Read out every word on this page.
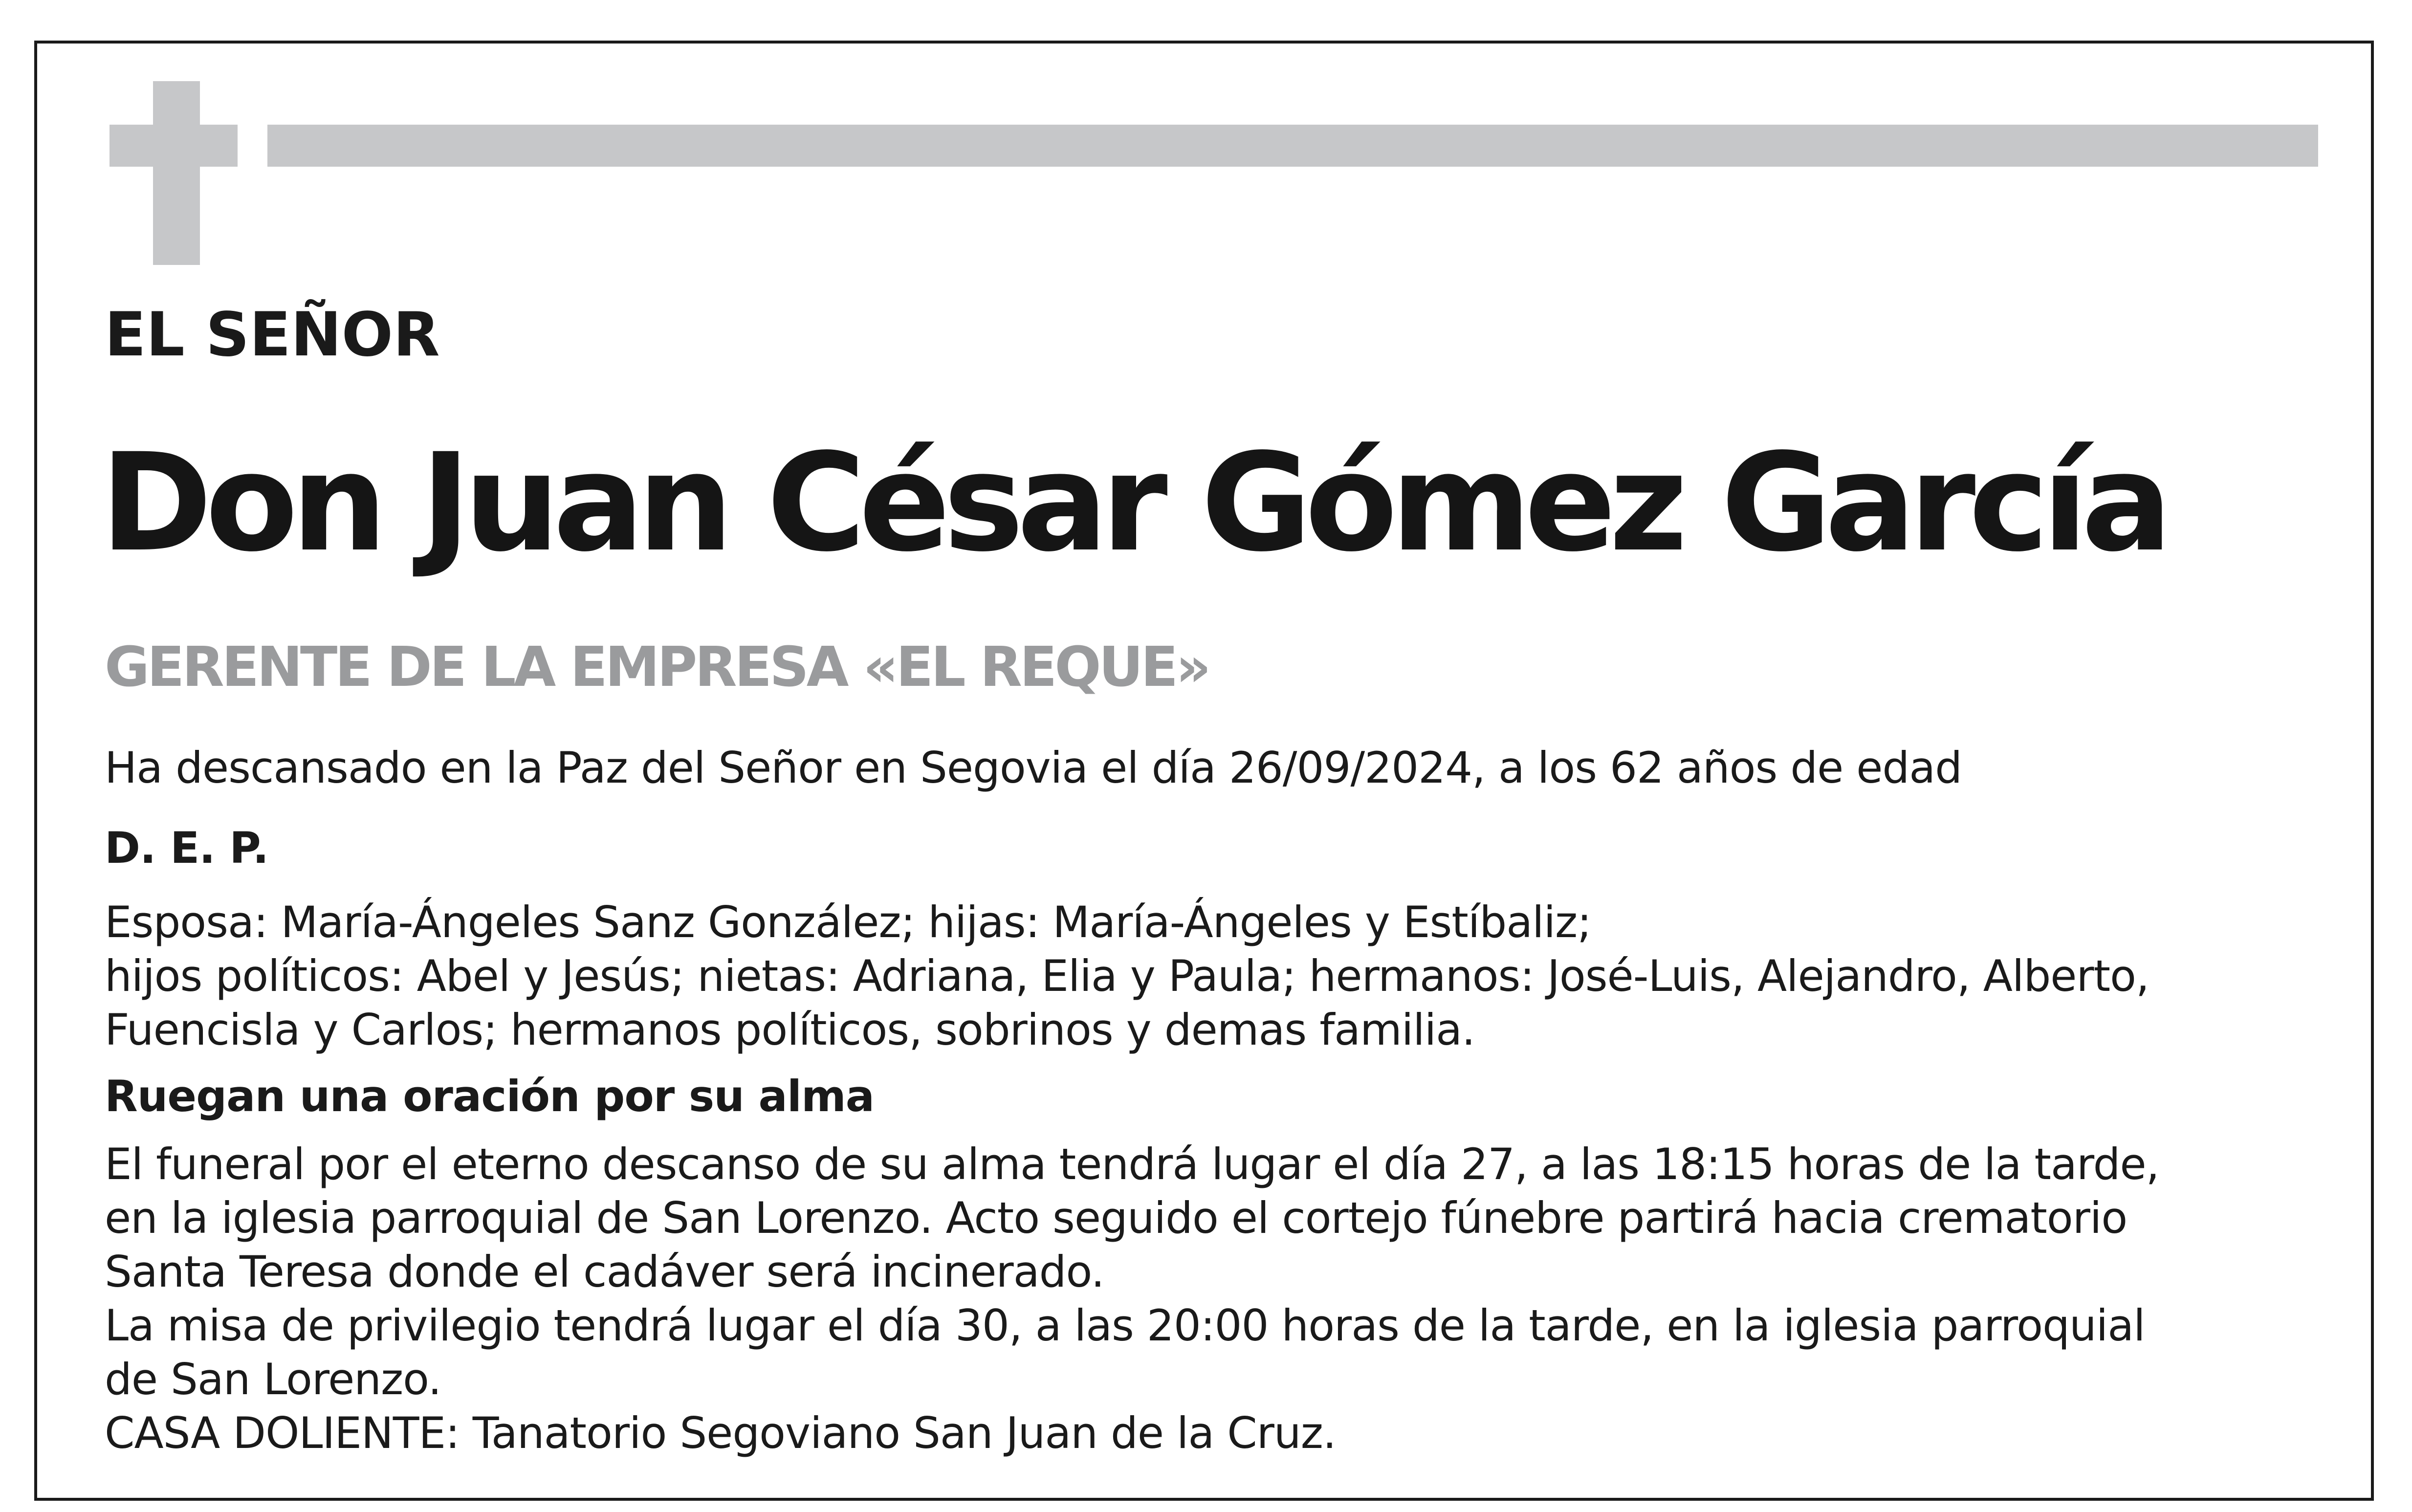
EL SEÑOR
Don Juan César Gómez García
GERENTE DE LA EMPRESA «EL REQUE»
Ha descansado en la Paz del Señor en Segovia el día 26/09/2024, a los 62 años de edad
D. E. P.
Esposa: María-Ángeles Sanz González; hijas: María-Ángeles y Estíbaliz;
hijos políticos: Abel y Jesús; nietas: Adriana, Elia y Paula; hermanos: José-Luis, Alejandro, Alberto,
Fuencisla y Carlos; hermanos políticos, sobrinos y demas familia.
Ruegan una oración por su alma
El funeral por el eterno descanso de su alma tendrá lugar el día 27, a las 18:15 horas de la tarde,
en la iglesia parroquial de San Lorenzo. Acto seguido el cortejo fúnebre partirá hacia crematorio
Santa Teresa donde el cadáver será incinerado.
La misa de privilegio tendrá lugar el día 30, a las 20:00 horas de la tarde, en la iglesia parroquial
de San Lorenzo.
CASA DOLIENTE: Tanatorio Segoviano San Juan de la Cruz.
